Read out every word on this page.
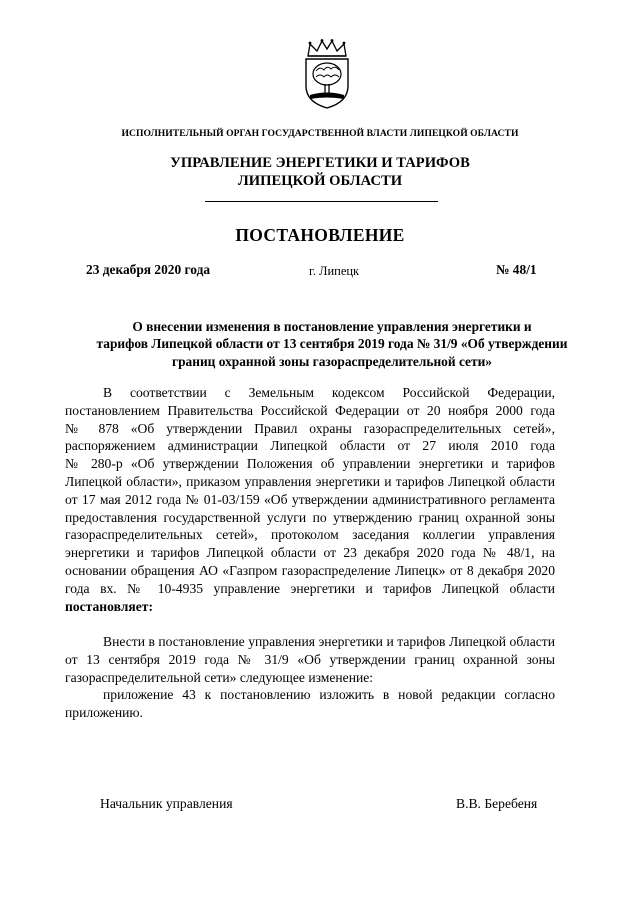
ИСПОЛНИТЕЛЬНЫЙ ОРГАН ГОСУДАРСТВЕННОЙ ВЛАСТИ ЛИПЕЦКОЙ ОБЛАСТИ
УПРАВЛЕНИЕ ЭНЕРГЕТИКИ И ТАРИФОВ
ЛИПЕЦКОЙ ОБЛАСТИ
ПОСТАНОВЛЕНИЕ
23 декабря 2020 года	г. Липецк	№ 48/1
О внесении изменения в постановление управления энергетики и
тарифов Липецкой области от 13 сентября 2019 года № 31/9 «Об утверждении
границ охранной зоны газораспределительной сети»
В соответствии с Земельным кодексом Российской Федерации,
постановлением Правительства Российской Федерации от 20 ноября 2000 года
№ 878 «Об утверждении Правил охраны газораспределительных сетей»,
распоряжением администрации Липецкой области от 27 июля 2010 года
№ 280-р «Об утверждении Положения об управлении энергетики и тарифов
Липецкой области», приказом управления энергетики и тарифов Липецкой области
от 17 мая 2012 года № 01-03/159 «Об утверждении административного регламента
предоставления государственной услуги по утверждению границ охранной зоны
газораспределительных сетей», протоколом заседания коллегии управления
энергетики и тарифов Липецкой области от 23 декабря 2020 года № 48/1, на
основании обращения АО «Газпром газораспределение Липецк» от 8 декабря 2020
года вх. № 10-4935 управление энергетики и тарифов Липецкой области
постановляет:
Внести в постановление управления энергетики и тарифов Липецкой области
от 13 сентября 2019 года № 31/9 «Об утверждении границ охранной зоны
газораспределительной сети» следующее изменение:
приложение 43 к постановлению изложить в новой редакции согласно
приложению.
Начальник управления	В.В. Беребеня
